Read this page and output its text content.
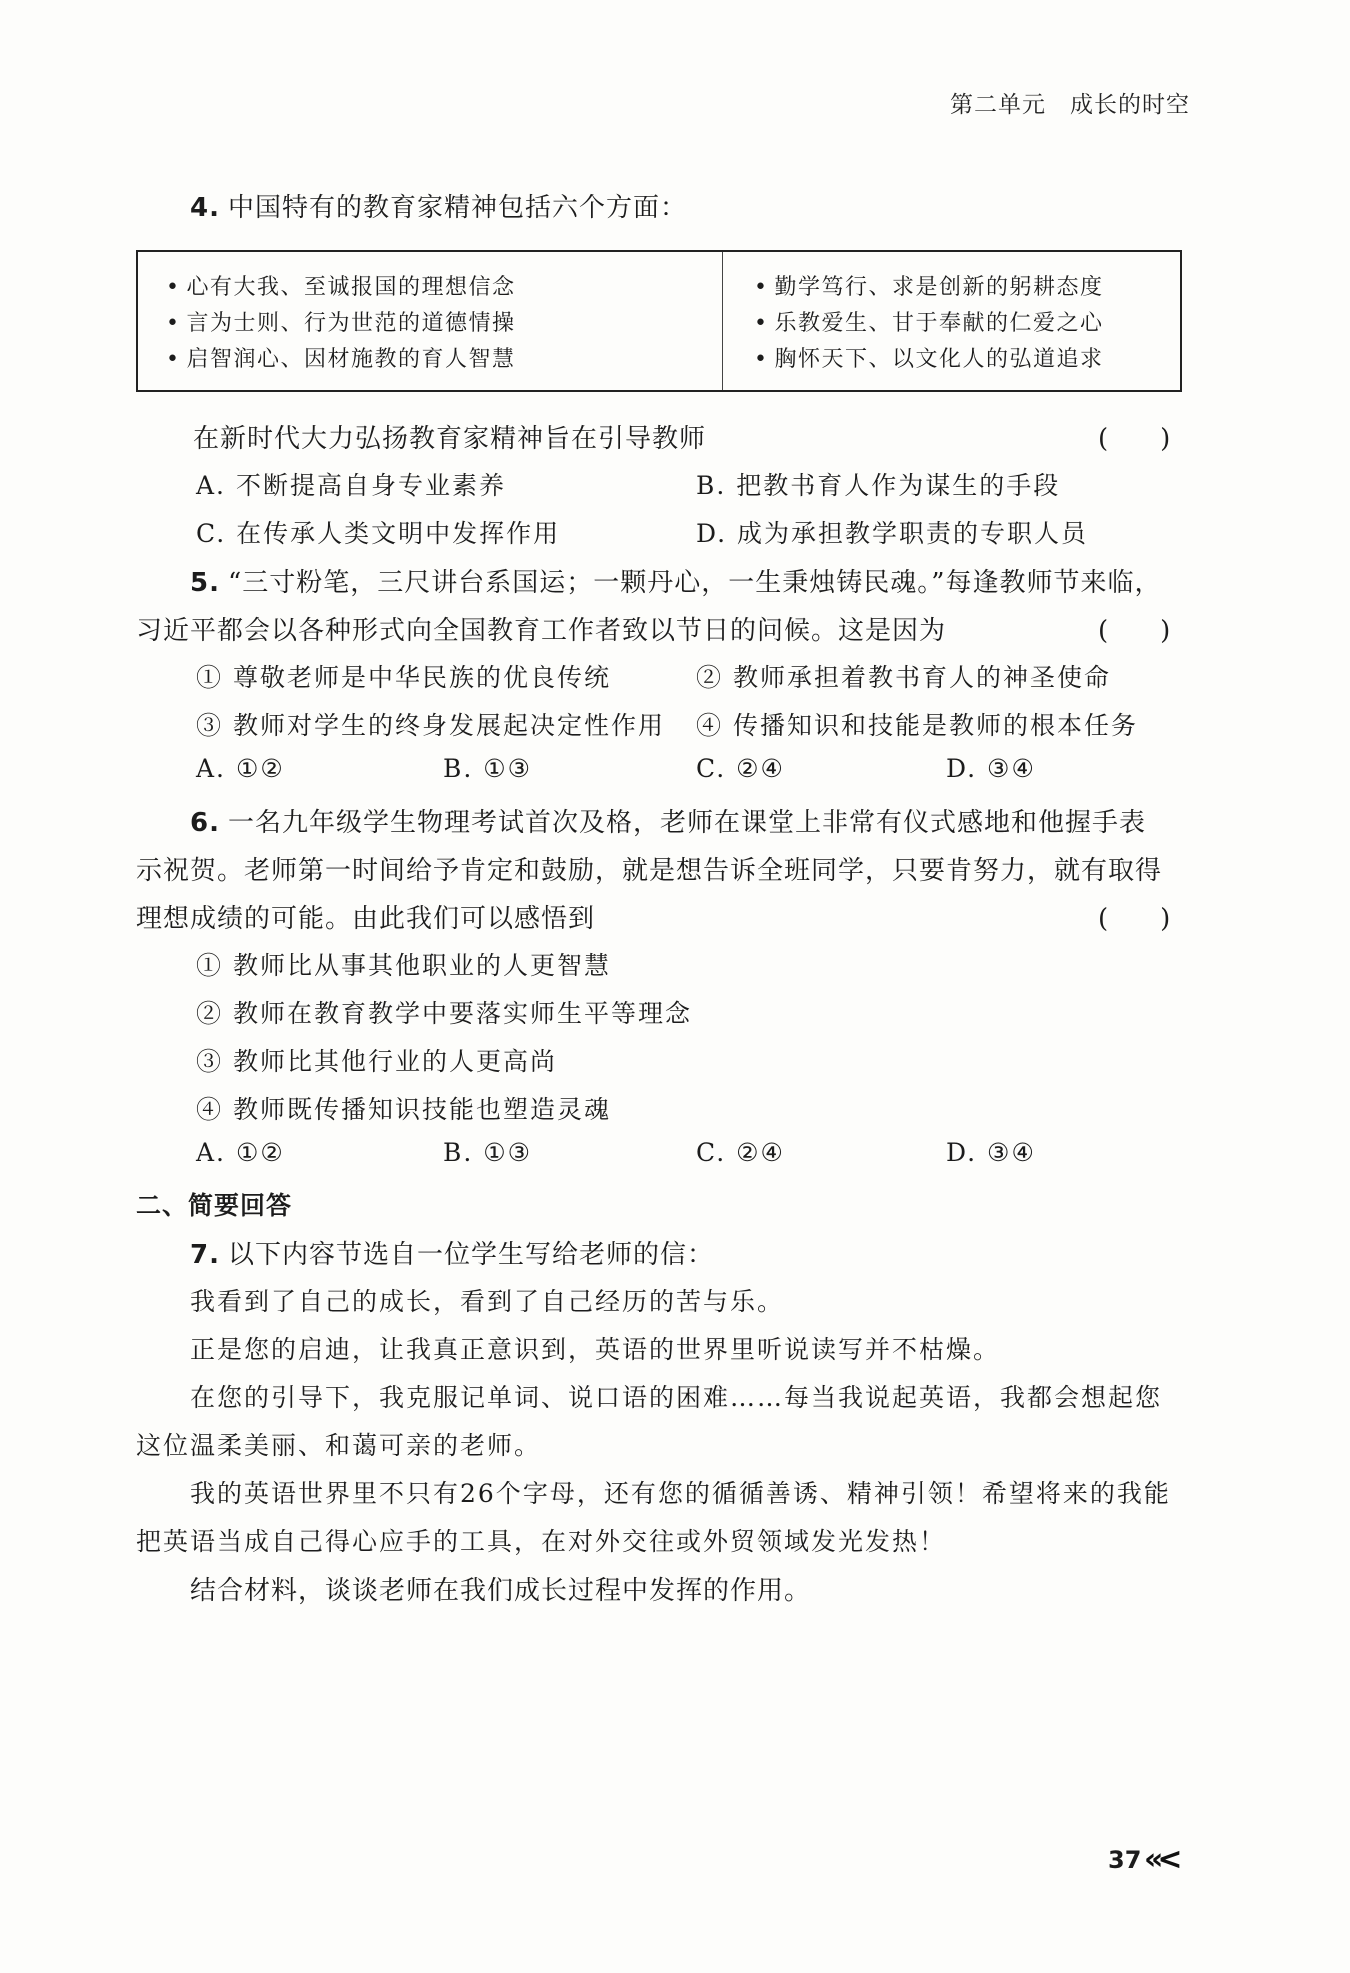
第二单元　成长的时空
4. 中国特有的教育家精神包括六个方面：
• 心有大我、至诚报国的理想信念
• 言为士则、行为世范的道德情操
• 启智润心、因材施教的育人智慧
• 勤学笃行、求是创新的躬耕态度
• 乐教爱生、甘于奉献的仁爱之心
• 胸怀天下、以文化人的弘道追求
在新时代大力弘扬教育家精神旨在引导教师	(　　)
A. 不断提高自身专业素养	B. 把教书育人作为谋生的手段
C. 在传承人类文明中发挥作用	D. 成为承担教学职责的专职人员
5. “三寸粉笔，三尺讲台系国运；一颗丹心，一生秉烛铸民魂。”每逢教师节来临，
习近平都会以各种形式向全国教育工作者致以节日的问候。这是因为	(　　)
① 尊敬老师是中华民族的优良传统	② 教师承担着教书育人的神圣使命
③ 教师对学生的终身发展起决定性作用 ④ 传播知识和技能是教师的根本任务
A. ①②	B. ①③	C. ②④	D. ③④
6. 一名九年级学生物理考试首次及格，老师在课堂上非常有仪式感地和他握手表
示祝贺。老师第一时间给予肯定和鼓励，就是想告诉全班同学，只要肯努力，就有取得
理想成绩的可能。由此我们可以感悟到	(　　)
① 教师比从事其他职业的人更智慧
② 教师在教育教学中要落实师生平等理念
③ 教师比其他行业的人更高尚
④ 教师既传播知识技能也塑造灵魂
A. ①②	B. ①③	C. ②④	D. ③④
二、简要回答
7. 以下内容节选自一位学生写给老师的信：
我看到了自己的成长，看到了自己经历的苦与乐。
正是您的启迪，让我真正意识到，英语的世界里听说读写并不枯燥。
在您的引导下，我克服记单词、说口语的困难……每当我说起英语，我都会想起您
这位温柔美丽、和蔼可亲的老师。
我的英语世界里不只有26个字母，还有您的循循善诱、精神引领！希望将来的我能
把英语当成自己得心应手的工具，在对外交往或外贸领域发光发热！
结合材料，谈谈老师在我们成长过程中发挥的作用。
37 «<
